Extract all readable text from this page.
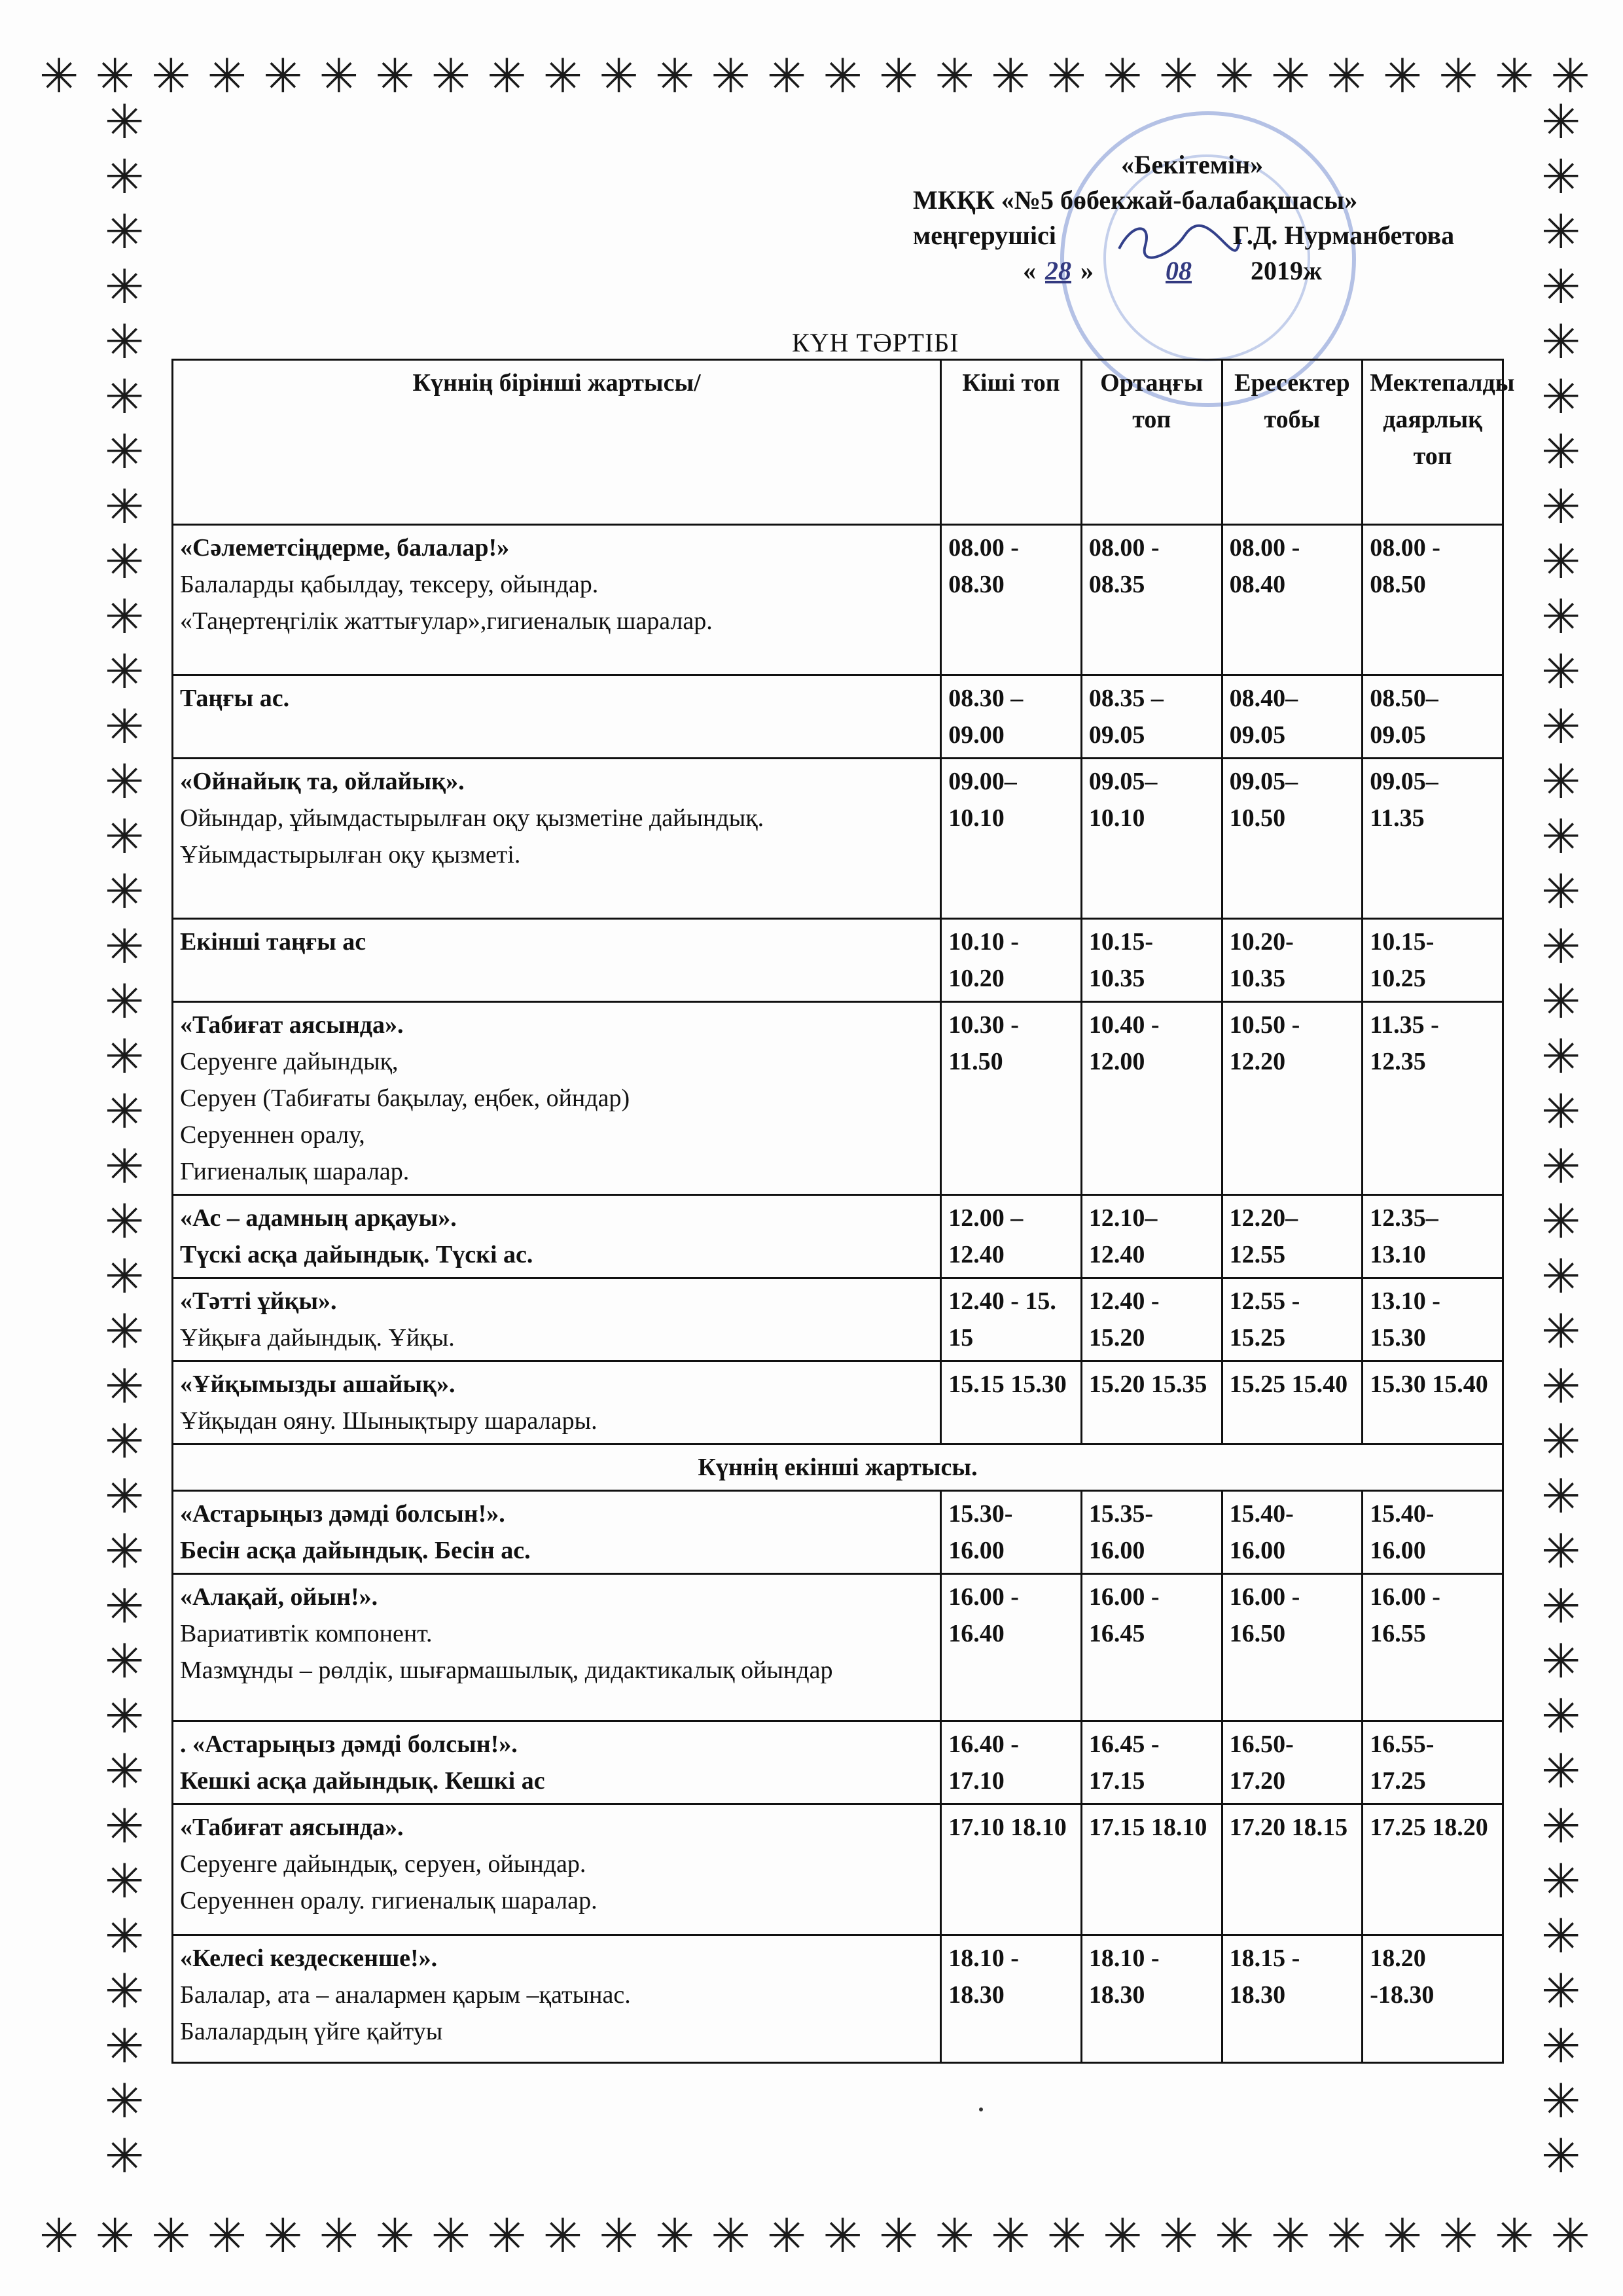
✳ ✳ ✳ ✳ ✳ ✳ ✳ ✳ ✳ ✳ ✳ ✳ ✳ ✳ ✳ ✳ ✳ ✳ ✳ ✳ ✳ ✳ ✳ ✳ ✳ ✳ ✳ ✳
✳ ✳ ✳ ✳ ✳ ✳ ✳ ✳ ✳ ✳ ✳ ✳ ✳ ✳ ✳ ✳ ✳ ✳ ✳ ✳ ✳ ✳ ✳ ✳ ✳ ✳ ✳ ✳
✳
✳
✳
✳
✳
✳
✳
✳
✳
✳
✳
✳
✳
✳
✳
✳
✳
✳
✳
✳
✳
✳
✳
✳
✳
✳
✳
✳
✳
✳
✳
✳
✳
✳
✳
✳
✳
✳
✳
✳
✳
✳
✳
✳
✳
✳
✳
✳
✳
✳
✳
✳
✳
✳
✳
✳
✳
✳
✳
✳
✳
✳
✳
✳
✳
✳
✳
✳
✳
✳
✳
✳
✳
✳
✳
✳
«Бекітемін»
МКҚК «№5 бөбекжай-балабақшасы»
меңгерушісі	Г.Д. Нурманбетова
« 28 »	08 2019ж
КҮН ТӘРТІБІ
Күннің бірінші жартысы/	Кіші топ	Ортаңғы топ	Ересектер тобы	Мектепалды даярлық топ

«Сәлеметсіңдерме, балалар!»
Балаларды қабылдау, тексеру, ойындар.
«Таңертеңгілік жаттығулар»,гигиеналық шаралар.	08.00 - 08.30	08.00 - 08.35	08.00 - 08.40	08.00 - 08.50

Таңғы ас.	08.30 – 09.00	08.35 – 09.05	08.40– 09.05	08.50– 09.05

«Ойнайық та, ойлайық».
Ойындар, ұйымдастырылған оқу қызметіне дайындық.
Ұйымдастырылған оқу қызметі.	09.00– 10.10	09.05– 10.10	09.05– 10.50	09.05– 11.35

Екінші таңғы ас	10.10 - 10.20	10.15- 10.35	10.20- 10.35	10.15- 10.25

«Табиғат аясында».
Серуенге дайындық,
Серуен (Табиғаты бақылау, еңбек, ойндар)
Серуеннен оралу,
Гигиеналық шаралар.	10.30 - 11.50	10.40 - 12.00	10.50 - 12.20	11.35 - 12.35

«Ас – адамның арқауы».
Түскі асқа дайындық. Түскі ас.	12.00 – 12.40	12.10– 12.40	12.20– 12.55	12.35– 13.10

«Тәтті ұйқы».
Ұйқыға дайындық. Ұйқы.	12.40 - 15. 15	12.40 - 15.20	12.55 - 15.25	13.10 - 15.30

«Ұйқымызды ашайық».
Ұйқыдан ояну. Шынықтыру шаралары.	15.15 15.30	15.20 15.35	15.25 15.40	15.30 15.40
Күннің екінші жартысы.				

«Астарыңыз дәмді болсын!».
Бесін асқа дайындық. Бесін ас.	15.30- 16.00	15.35- 16.00	15.40- 16.00	15.40- 16.00

«Алақай, ойын!».
Вариативтік компонент.
Мазмұнды – рөлдік, шығармашылық, дидактикалық ойындар	16.00 - 16.40	16.00 - 16.45	16.00 - 16.50	16.00 - 16.55

. «Астарыңыз дәмді болсын!».
Кешкі асқа дайындық. Кешкі ас	16.40 - 17.10	16.45 - 17.15	16.50- 17.20	16.55- 17.25

«Табиғат аясында».
Серуенге дайындық, серуен, ойындар.
Серуеннен оралу. гигиеналық шаралар.	17.10 18.10	17.15 18.10	17.20 18.15	17.25 18.20

«Келесі кездескенше!».
Балалар, ата – аналармен қарым –қатынас.
Балалардың үйге қайтуы	18.10 - 18.30	18.10 - 18.30	18.15 - 18.30	18.20 -18.30
